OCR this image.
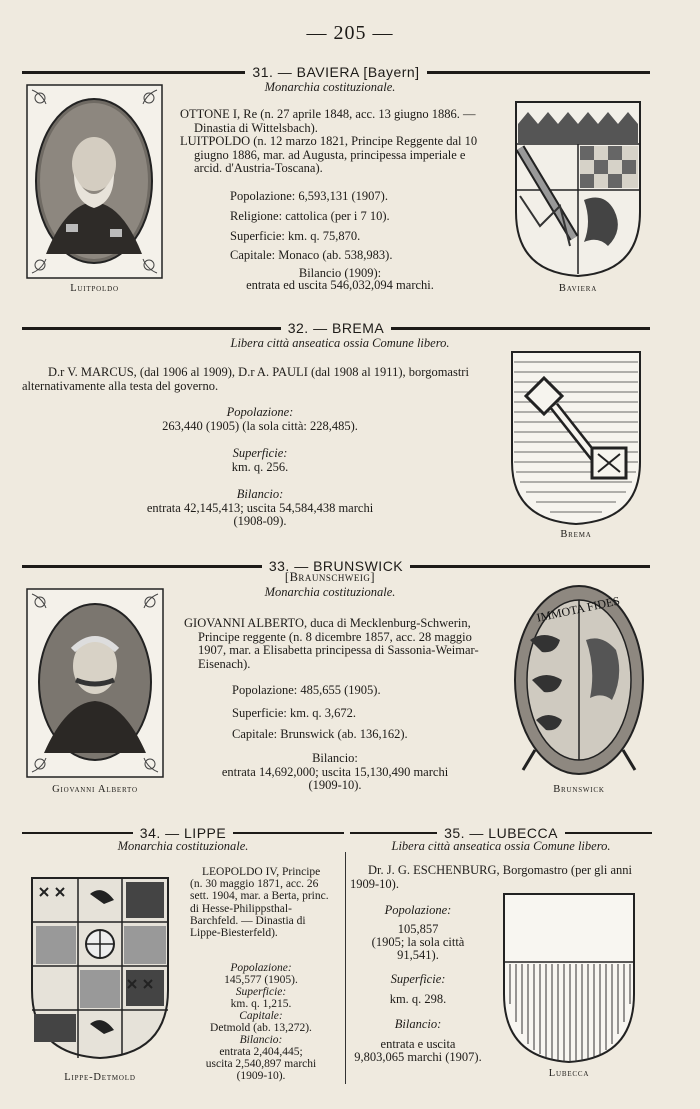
— 205 —
31. — BAVIERA [Bayern]
Monarchia costituzionale.
Luitpoldo
OTTONE I, Re (n. 27 aprile 1848, acc. 13 giugno 1886. — Dinastia di Wittelsbach).
LUITPOLDO (n. 12 marzo 1821, Principe Reggente dal 10 giugno 1886, mar. ad Augusta, principessa imperiale e arcid. d'Austria-Toscana).
Popolazione: 6,593,131 (1907).
Religione: cattolica (per i 7 10).
Superficie: km. q. 75,870.
Capitale: Monaco (ab. 538,983).
Bilancio (1909):
entrata ed uscita 546,032,094 marchi.	Baviera
32. — BREMA
Libera città anseatica ossia Comune libero.
D.r V. MARCUS, (dal 1906 al 1909), D.r A. PAULI (dal 1908 al 1911), borgomastri alternativamente alla testa del governo.
Popolazione:
263,440 (1905) (la sola città: 228,485).
Superficie:
km. q. 256.
Bilancio:
entrata 42,145,413; uscita 54,584,438 marchi
(1908-09).
Brema
33. — BRUNSWICK
[Braunschweig]
Monarchia costituzionale.
Giovanni Alberto
GIOVANNI ALBERTO, duca di Mecklenburg-Schwerin, Principe reggente (n. 8 dicembre 1857, acc. 28 maggio 1907, mar. a Elisabetta principessa di Sassonia-Weimar-Eisenach).
Popolazione: 485,655 (1905).
Superficie: km. q. 3,672.
Capitale: Brunswick (ab. 136,162).
Bilancio:
entrata 14,692,000; uscita 15,130,490 marchi
(1909-10).
IMMOTA FIDES
Brunswick
34. — LIPPE
Monarchia costituzionale.
Lippe-Detmold
LEOPOLDO IV, Principe (n. 30 maggio 1871, acc. 26 sett. 1904, mar. a Berta, princ. di Hesse-Philippsthal-Barchfeld. — Dinastia di Lippe-Biesterfeld).
Popolazione:
145,577 (1905).
Superficie:
km. q. 1,215.
Capitale:
Detmold (ab. 13,272).
Bilancio:
entrata 2,404,445;
uscita 2,540,897 marchi
(1909-10).
35. — LUBECCA
Libera città anseatica ossia Comune libero.
Dr. J. G. ESCHENBURG, Borgomastro (per gli anni 1909-10).
Popolazione:
105,857
(1905; la sola città
91,541).
Superficie:
km. q. 298.
Bilancio:
entrata e uscita
9,803,065 marchi (1907).
Lubecca
